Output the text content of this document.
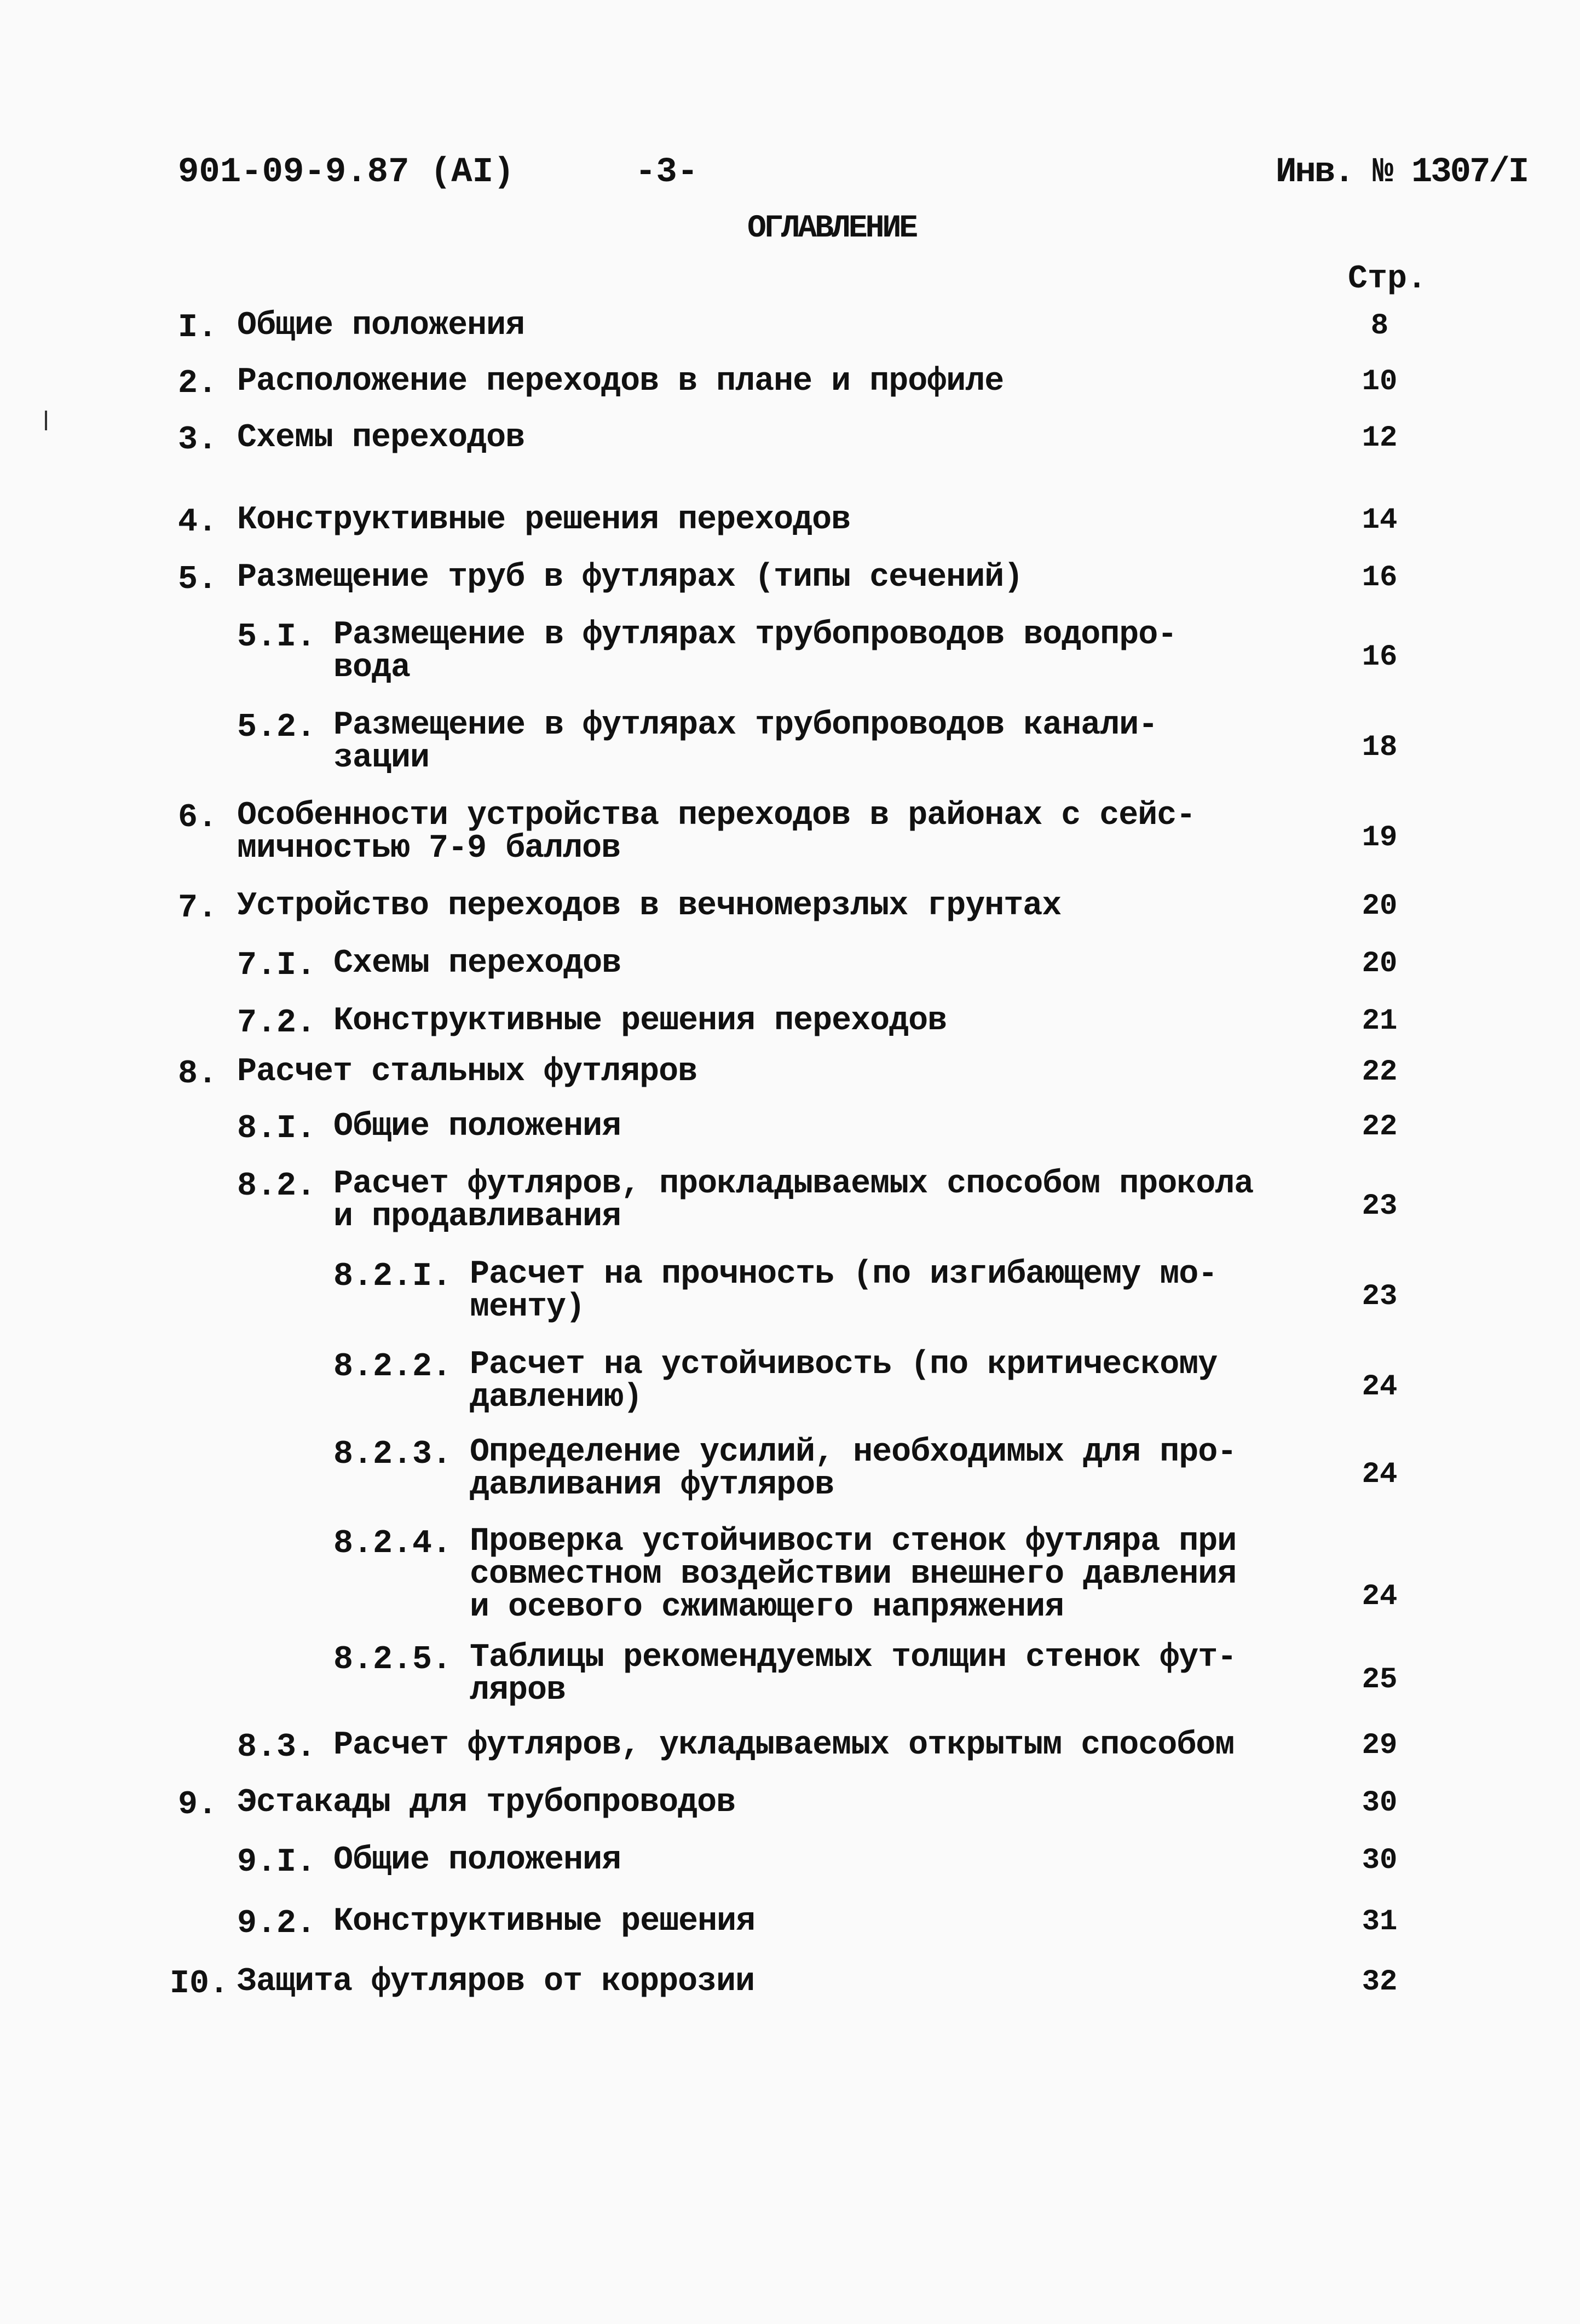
901-09-9.87 (AI)	-3-	Инв. № 1307/I
ОГЛАВЛЕНИЕ
Стр.
I. Общие положения	8
2. Расположение переходов в плане и профиле	10
3. Схемы переходов	12
4. Конструктивные решения переходов	14
5. Размещение труб в футлярах (типы сечений)	16
5.I. Размещение в футлярах трубопроводов водопро-
вода	16
5.2. Размещение в футлярах трубопроводов канали-
зации	18
6. Особенности устройства переходов в районах с сейс-
мичностью 7-9 баллов	19
7. Устройство переходов в вечномерзлых грунтах	20
7.I. Схемы переходов	20
7.2. Конструктивные решения переходов	21
8. Расчет стальных футляров	22
8.I. Общие положения	22
8.2. Расчет футляров, прокладываемых способом прокола
и продавливания	23
8.2.I. Расчет на прочность (по изгибающему мо-
менту)	23
8.2.2. Расчет на устойчивость (по критическому
давлению)	24
8.2.3. Определение усилий, необходимых для про-
давливания футляров	24
8.2.4. Проверка устойчивости стенок футляра при
совместном воздействии внешнего давления
и осевого сжимающего напряжения	24
8.2.5. Таблицы рекомендуемых толщин стенок фут-
ляров	25
8.3. Расчет футляров, укладываемых открытым способом	29
9. Эстакады для трубопроводов	30
9.I. Общие положения	30
9.2. Конструктивные решения	31
I0. Защита футляров от коррозии	32
